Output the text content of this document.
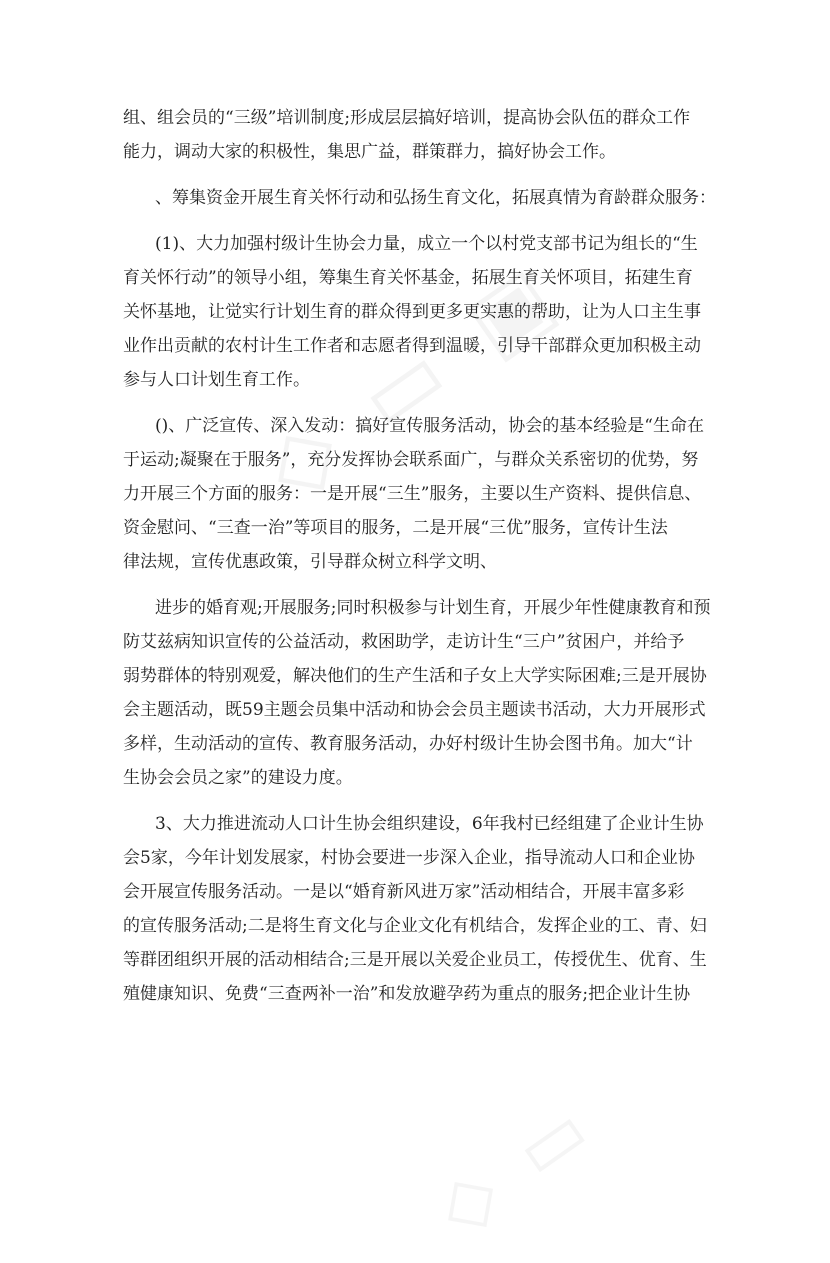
组、组会员的“三级”培训制度;形成层层搞好培训，提高协会队伍的群众工作
能力，调动大家的积极性，集思广益，群策群力，搞好协会工作。

、筹集资金开展生育关怀行动和弘扬生育文化，拓展真情为育龄群众服务：

(1)、大力加强村级计生协会力量，成立一个以村党支部书记为组长的“生
育关怀行动”的领导小组，筹集生育关怀基金，拓展生育关怀项目，拓建生育
关怀基地，让觉实行计划生育的群众得到更多更实惠的帮助，让为人口主生事
业作出贡献的农村计生工作者和志愿者得到温暖，引导干部群众更加积极主动
参与人口计划生育工作。

()、广泛宣传、深入发动：搞好宣传服务活动，协会的基本经验是“生命在
于运动;凝聚在于服务”，充分发挥协会联系面广，与群众关系密切的优势，努
力开展三个方面的服务：一是开展“三生”服务，主要以生产资料、提供信息、
资金慰问、“三查一治”等项目的服务，二是开展“三优”服务，宣传计生法
律法规，宣传优惠政策，引导群众树立科学文明、

进步的婚育观;开展服务;同时积极参与计划生育，开展少年性健康教育和预
防艾兹病知识宣传的公益活动，救困助学，走访计生“三户”贫困户，并给予
弱势群体的特别观爱，解决他们的生产生活和子女上大学实际困难;三是开展协
会主题活动，既59主题会员集中活动和协会会员主题读书活动，大力开展形式
多样，生动活动的宣传、教育服务活动，办好村级计生协会图书角。加大“计
生协会会员之家”的建设力度。

3、大力推进流动人口计生协会组织建设，6年我村已经组建了企业计生协
会5家，今年计划发展家，村协会要进一步深入企业，指导流动人口和企业协
会开展宣传服务活动。一是以“婚育新风进万家”活动相结合，开展丰富多彩
的宣传服务活动;二是将生育文化与企业文化有机结合，发挥企业的工、青、妇
等群团组织开展的活动相结合;三是开展以关爱企业员工，传授优生、优育、生
殖健康知识、免费“三查两补一治”和发放避孕药为重点的服务;把企业计生协
